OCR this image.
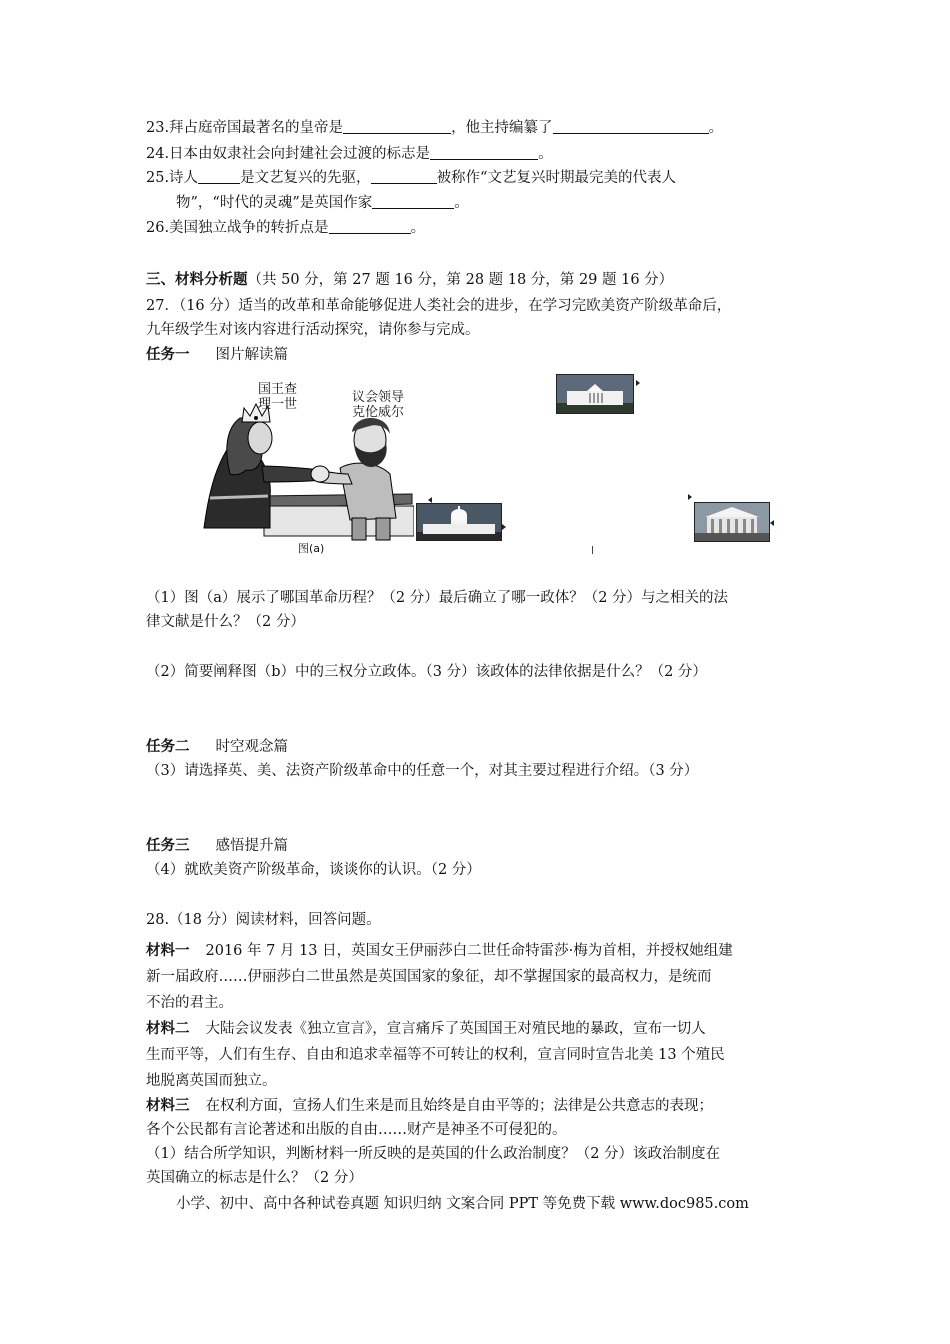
23.拜占庭帝国最著名的皇帝是	，他主持编纂了	。
24.日本由奴隶社会向封建社会过渡的标志是	。
25.诗人	是文艺复兴的先驱，	被称作“文艺复兴时期最完美的代表人
物”，“时代的灵魂”是英国作家	。
26.美国独立战争的转折点是	。
三、材料分析题（共 50 分，第 27 题 16 分，第 28 题 18 分，第 29 题 16 分）
27．（16 分）适当的改革和革命能够促进人类社会的进步，在学习完欧美资产阶级革命后，
九年级学生对该内容进行活动探究，请你参与完成。
任务一 图片解读篇
国王查
理一世	议会领导
克伦威尔
图(a)
（1）图（a）展示了哪国革命历程？（2 分）最后确立了哪一政体？（2 分）与之相关的法
律文献是什么？（2 分）
（2）简要阐释图（b）中的三权分立政体。（3 分）该政体的法律依据是什么？（2 分）
任务二 时空观念篇
（3）请选择英、美、法资产阶级革命中的任意一个，对其主要过程进行介绍。（3 分）
任务三 感悟提升篇
（4）就欧美资产阶级革命，谈谈你的认识。（2 分）
28.（18 分）阅读材料，回答问题。
材料一 2016 年 7 月 13 日，英国女王伊丽莎白二世任命特雷莎·梅为首相，并授权她组建
新一届政府……伊丽莎白二世虽然是英国国家的象征，却不掌握国家的最高权力，是统而
不治的君主。
材料二 大陆会议发表《独立宣言》，宣言痛斥了英国国王对殖民地的暴政，宣布一切人
生而平等，人们有生存、自由和追求幸福等不可转让的权利，宣言同时宣告北美 13 个殖民
地脱离英国而独立。
材料三 在权利方面，宣扬人们生来是而且始终是自由平等的；法律是公共意志的表现；
各个公民都有言论著述和出版的自由……财产是神圣不可侵犯的。
（1）结合所学知识，判断材料一所反映的是英国的什么政治制度？（2 分）该政治制度在
英国确立的标志是什么？（2 分）
小学、初中、高中各种试卷真题 知识归纳 文案合同 PPT 等免费下载 www.doc985.com
